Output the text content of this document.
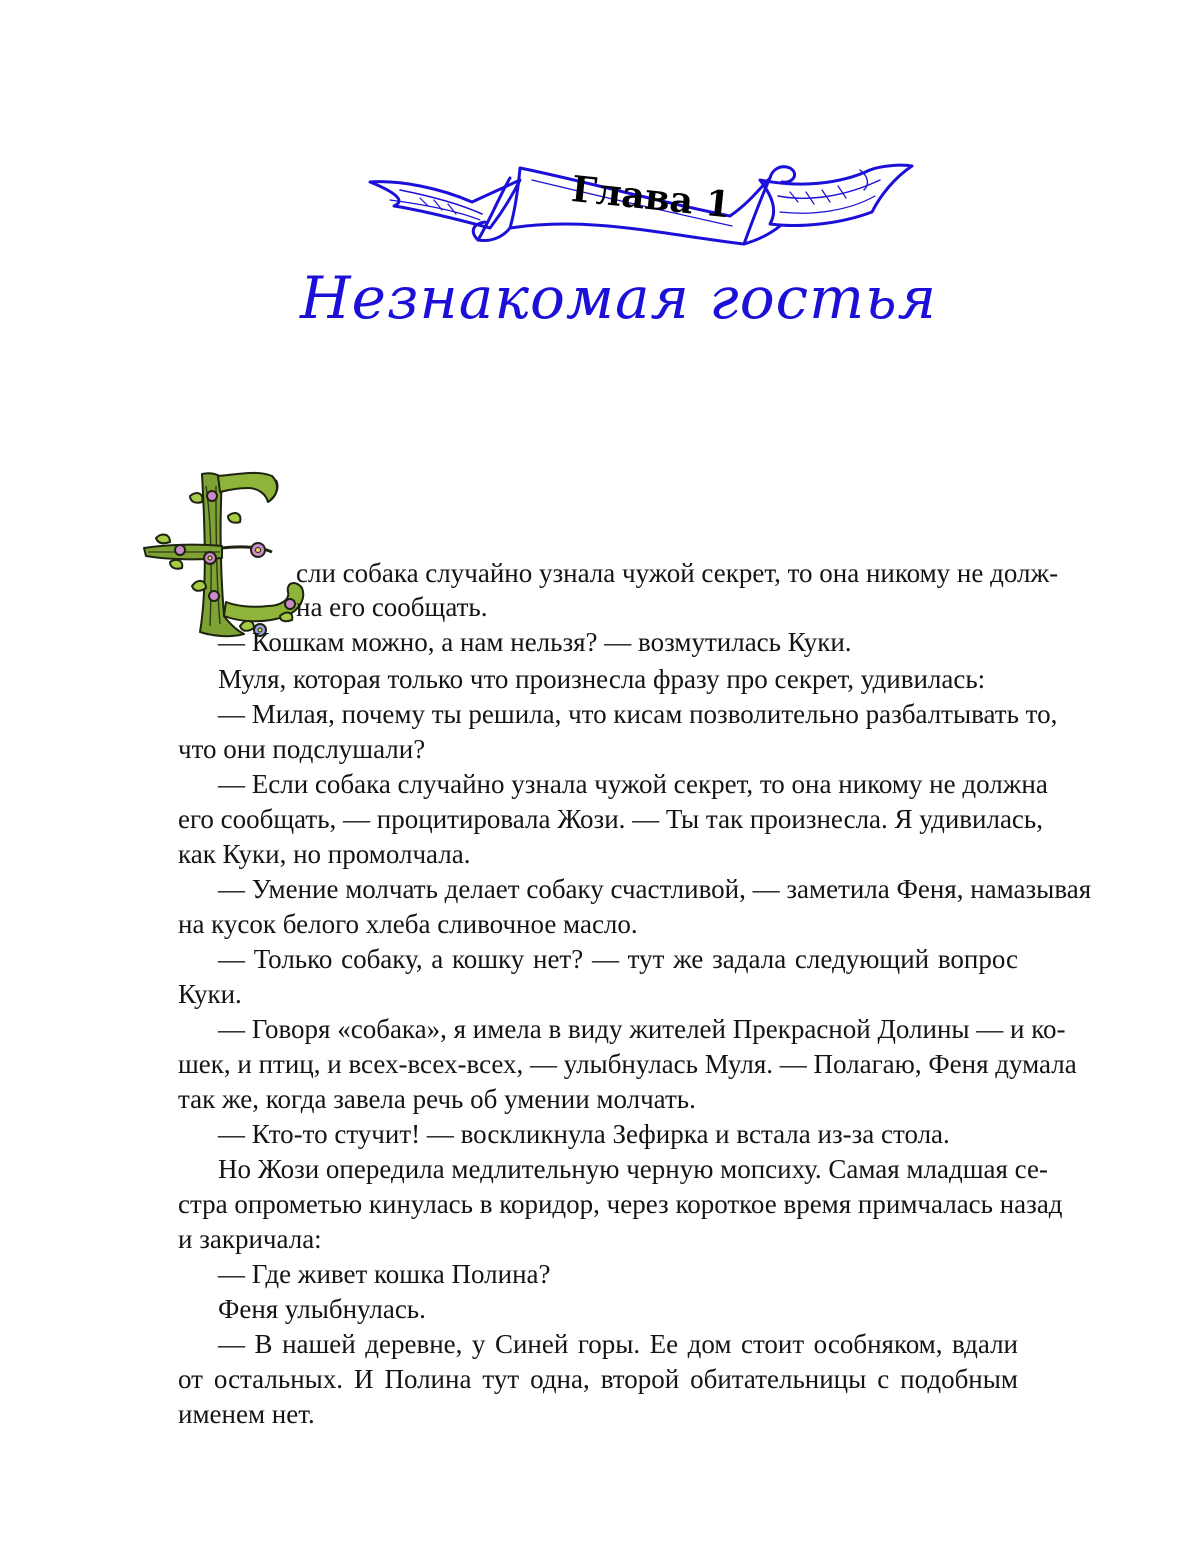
Глава 1
Незнакомая гостья
сли собака случайно узнала чужой секрет, то она никому не долж-
на его сообщать.
— Кошкам можно, а нам нельзя? — возмутилась Куки.
Муля, которая только что произнесла фразу про секрет, удивилась:
— Милая, почему ты решила, что кисам позволительно разбалтывать то,
что они подслушали?
— Если собака случайно узнала чужой секрет, то она никому не должна
его сообщать, — процитировала Жози. — Ты так произнесла. Я удивилась,
как Куки, но промолчала.
— Умение молчать делает собаку счастливой, — заметила Феня, намазывая
на кусок белого хлеба сливочное масло.
— Только собаку, а кошку нет? — тут же задала следующий вопрос
Куки.
— Говоря «собака», я имела в виду жителей Прекрасной Долины — и ко-
шек, и птиц, и всех-всех-всех, — улыбнулась Муля. — Полагаю, Феня думала
так же, когда завела речь об умении молчать.
— Кто-то стучит! — воскликнула Зефирка и встала из-за стола.
Но Жози опередила медлительную черную мопсиху. Самая младшая се-
стра опрометью кинулась в коридор, через короткое время примчалась назад
и закричала:
— Где живет кошка Полина?
Феня улыбнулась.
— В нашей деревне, у Синей горы. Ее дом стоит особняком, вдали
от остальных. И Полина тут одна, второй обитательницы с подобным
именем нет.
